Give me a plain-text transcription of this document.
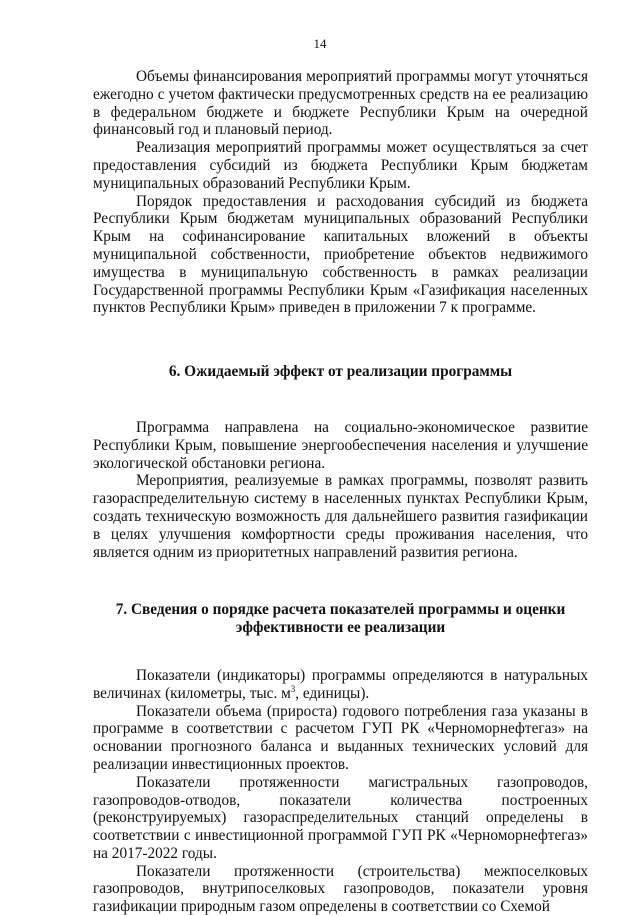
14

Объемы финансирования мероприятий программы могут уточняться ежегодно с учетом фактически предусмотренных средств на ее реализацию в федеральном бюджете и бюджете Республики Крым на очередной финансовый год и плановый период.

Реализация мероприятий программы может осуществляться за счет предоставления субсидий из бюджета Республики Крым бюджетам муниципальных образований Республики Крым.

Порядок предоставления и расходования субсидий из бюджета Республики Крым бюджетам муниципальных образований Республики Крым на софинансирование капитальных вложений в объекты муниципальной собственности, приобретение объектов недвижимого имущества в муниципальную собственность в рамках реализации Государственной программы Республики Крым «Газификация населенных пунктов Республики Крым» приведен в приложении 7 к программе.

6. Ожидаемый эффект от реализации программы

Программа направлена на социально-экономическое развитие Республики Крым, повышение энергообеспечения населения и улучшение экологической обстановки региона.

Мероприятия, реализуемые в рамках программы, позволят развить газораспределительную систему в населенных пунктах Республики Крым, создать техническую возможность для дальнейшего развития газификации в целях улучшения комфортности среды проживания населения, что является одним из приоритетных направлений развития региона.

7. Сведения о порядке расчета показателей программы и оценки
эффективности ее реализации

Показатели (индикаторы) программы определяются в натуральных величинах (километры, тыс. $м^3$, единицы).

Показатели объема (прироста) годового потребления газа указаны в программе в соответствии с расчетом ГУП РК «Черноморнефтегаз» на основании прогнозного баланса и выданных технических условий для реализации инвестиционных проектов.

Показатели протяженности магистральных газопроводов, газопроводов-отводов, показатели количества построенных (реконструируемых) газораспределительных станций определены в соответствии с инвестиционной программой ГУП РК «Черноморнефтегаз» на 2017-2022 годы.

Показатели протяженности (строительства) межпоселковых газопроводов, внутрипоселковых газопроводов, показатели уровня газификации природным газом определены в соответствии со Схемой
